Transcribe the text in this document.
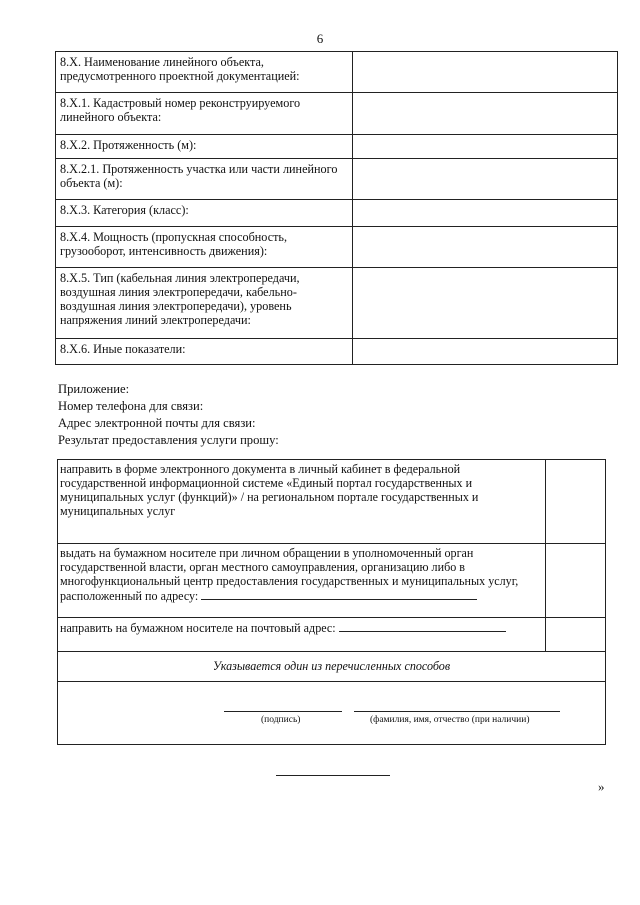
6
8.Х. Наименование линейного объекта, предусмотренного проектной документацией:	
8.Х.1. Кадастровый номер реконструируемого линейного объекта:	
8.Х.2. Протяженность (м):	
8.Х.2.1. Протяженность участка или части линейного объекта (м):	
8.Х.3. Категория (класс):	
8.Х.4. Мощность (пропускная способность, грузооборот, интенсивность движения):	
8.Х.5. Тип (кабельная линия электропередачи, воздушная линия электропередачи, кабельно-воздушная линия электропередачи), уровень напряжения линий электропередачи:	
8.Х.6. Иные показатели:	
Приложение:
Номер телефона для связи:
Адрес электронной почты для связи:
Результат предоставления услуги прошу:
направить в форме электронного документа в личный кабинет в федеральной государственной информационной системе «Единый портал государственных и муниципальных услуг (функций)» / на региональном портале государственных и муниципальных услуг	
выдать на бумажном носителе при личном обращении в уполномоченный орган государственной власти, орган местного самоуправления, организацию либо в многофункциональный центр предоставления государственных и муниципальных услуг, расположенный по адресу:	
направить на бумажном носителе на почтовый адрес:	
Указывается один из перечисленных способов	

(подпись) (фамилия, имя, отчество (при наличии)	
»
